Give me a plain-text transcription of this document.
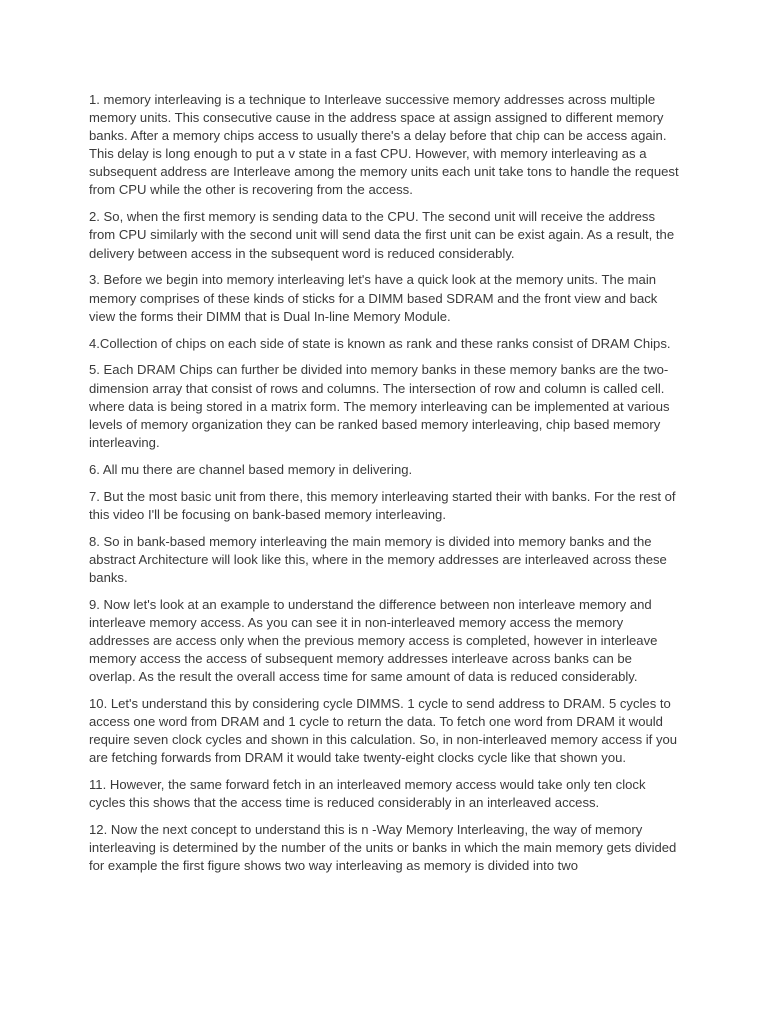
1. memory interleaving is a technique to Interleave successive memory addresses across multiple memory units. This consecutive cause in the address space at assign assigned to different memory banks. After a memory chips access to usually there's a delay before that chip can be access again. This delay is long enough to put a v state in a fast CPU. However, with memory interleaving as a subsequent address are Interleave among the memory units each unit take tons to handle the request from CPU while the other is recovering from the access.

2. So, when the first memory is sending data to the CPU. The second unit will receive the address from CPU similarly with the second unit will send data the first unit can be exist again. As a result, the delivery between access in the subsequent word is reduced considerably.

3. Before we begin into memory interleaving let's have a quick look at the memory units. The main memory comprises of these kinds of sticks for a DIMM based SDRAM and the front view and back view the forms their DIMM that is Dual In-line Memory Module.

4.Collection of chips on each side of state is known as rank and these ranks consist of DRAM Chips.

5. Each DRAM Chips can further be divided into memory banks in these memory banks are the two-dimension array that consist of rows and columns. The intersection of row and column is called cell. where data is being stored in a matrix form. The memory interleaving can be implemented at various levels of memory organization they can be ranked based memory interleaving, chip based memory interleaving.

6. All mu there are channel based memory in delivering.

7. But the most basic unit from there, this memory interleaving started their with banks. For the rest of this video I'll be focusing on bank-based memory interleaving.

8. So in bank-based memory interleaving the main memory is divided into memory banks and the abstract Architecture will look like this, where in the memory addresses are interleaved across these banks.

9. Now let's look at an example to understand the difference between non interleave memory and interleave memory access. As you can see it in non-interleaved memory access the memory addresses are access only when the previous memory access is completed, however in interleave memory access the access of subsequent memory addresses interleave across banks can be overlap. As the result the overall access time for same amount of data is reduced considerably.

10. Let's understand this by considering cycle DIMMS. 1 cycle to send address to DRAM. 5 cycles to access one word from DRAM and 1 cycle to return the data. To fetch one word from DRAM it would require seven clock cycles and shown in this calculation. So, in non-interleaved memory access if you are fetching forwards from DRAM it would take twenty-eight clocks cycle like that shown you.

11. However, the same forward fetch in an interleaved memory access would take only ten clock cycles this shows that the access time is reduced considerably in an interleaved access.

12. Now the next concept to understand this is n -Way Memory Interleaving, the way of memory interleaving is determined by the number of the units or banks in which the main memory gets divided for example the first figure shows two way interleaving as memory is divided into two
